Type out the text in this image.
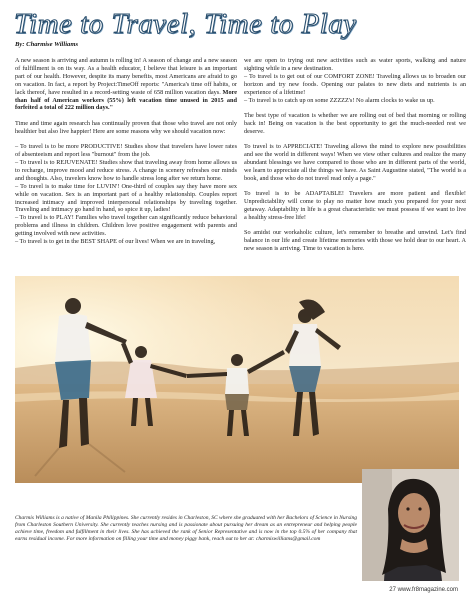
Time to Travel, Time to Play
By: Charmise Williams

A new season is arriving and autumn is rolling in! A season of change and a new season of fulfillment is on its way. As a health educator, I believe that leisure is an important part of our health. However, despite its many benefits, most Americans are afraid to go on vacation. In fact, a report by Project:TimeOff reports: "America's time off habits, or lack thereof, have resulted in a record-setting waste of 658 million vacation days. More than half of American workers (55%) left vacation time unused in 2015 and forfeited a total of 222 million days."

Time and time again research has continually proven that those who travel are not only healthier but also live happier! Here are some reasons why we should vacation now:

– To travel is to be more PRODUCTIVE! Studies show that travelers have lower rates of absenteeism and report less "burnout" from the job.
– To travel is to REJUVENATE! Studies show that traveling away from home allows us to recharge, improve mood and reduce stress. A change in scenery refreshes our minds and thoughts. Also, travelers know how to handle stress long after we return home.
– To travel is to make time for LUVIN'! One-third of couples say they have more sex while on vacation. Sex is an important part of a healthy relationship. Couples report increased intimacy and improved interpersonal relationships by traveling together. Traveling and intimacy go hand in hand, so spice it up, ladies!
– To travel is to PLAY! Families who travel together can significantly reduce behavioral problems and illness in children. Children love positive engagement with parents and getting involved with new activities.
– To travel is to get in the BEST SHAPE of our lives! When we are in traveling,

we are open to trying out new activities such as water sports, walking and nature sighting while in a new destination.
– To travel is to get out of our COMFORT ZONE! Traveling allows us to broaden our horizon and try new foods. Opening our palates to new diets and nutrients is an experience of a lifetime!
– To travel is to catch up on some ZZZZZ's! No alarm clocks to wake us up.

The best type of vacation is whether we are rolling out of bed that morning or rolling back in! Being on vacation is the best opportunity to get the much-needed rest we deserve.

To travel is to APPRECIATE! Traveling allows the mind to explore new possibilities and see the world in different ways! When we view other cultures and realize the many abundant blessings we have compared to those who are in different parts of the world, we learn to appreciate all the things we have. As Saint Augustine stated, "The world is a book, and those who do not travel read only a page."

To travel is to be ADAPTABLE! Travelers are more patient and flexible! Unpredictability will come to play no matter how much you prepared for your next getaway. Adaptability in life is a great characteristic we must possess if we want to live a healthy stress-free life!

So amidst our workaholic culture, let's remember to breathe and unwind. Let's find balance in our life and create lifetime memories with those we hold dear to our heart. A new season is arriving. Time to vacation is here.

Charmis Williams is a native of Manila Philippines. She currently resides in Charleston, SC where she graduated with her Bachelors of Science in Nursing from Charleston Southern University. She currently teaches nursing and is passionate about pursuing her dream as an entrepreneur and helping people achieve time, freedom and fulfillment in their lives. She has achieved the rank of Senior Representative and is now in the top 0.5% of her company that earns residual income. For more information on filling your time and money piggy bank, reach out to her at: charmiswilliams@gmail.com
27 www.fr8magazine.com
